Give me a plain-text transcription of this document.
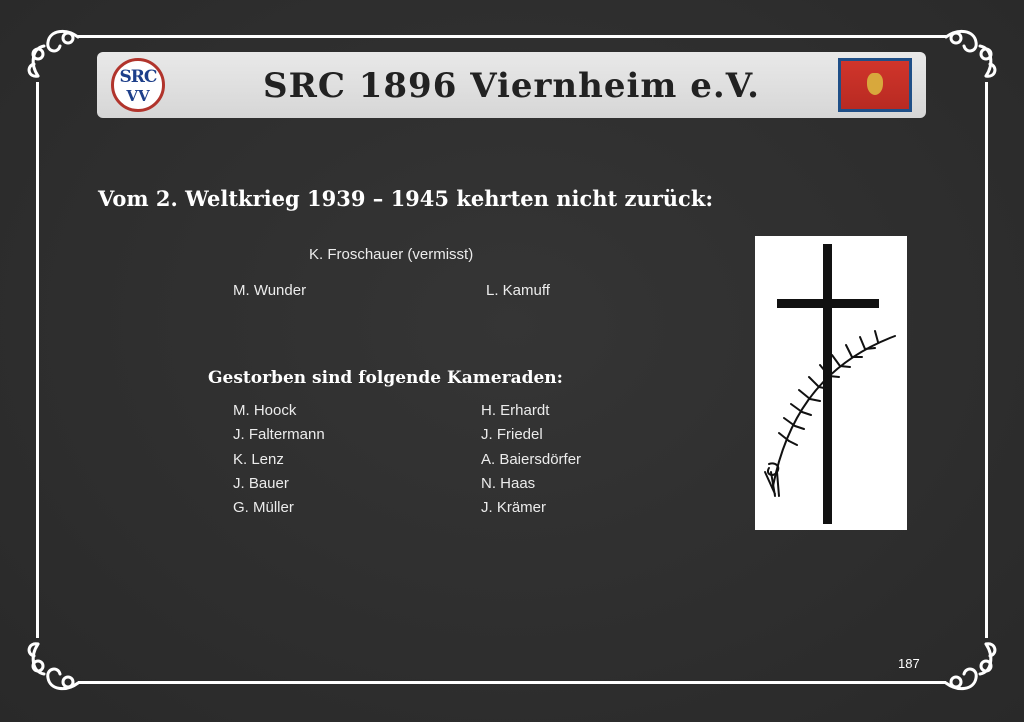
SRC
VV	SRC 1896 Viernheim e.V.
Vom 2. Weltkrieg 1939 – 1945 kehrten nicht zurück:
K. Froschauer (vermisst)
M. Wunder	L. Kamuff
Gestorben sind folgende Kameraden:
M. Hoock
J. Faltermann
K. Lenz
J. Bauer
G. Müller
H. Erhardt
J. Friedel
A. Baiersdörfer
N. Haas
J. Krämer
187
